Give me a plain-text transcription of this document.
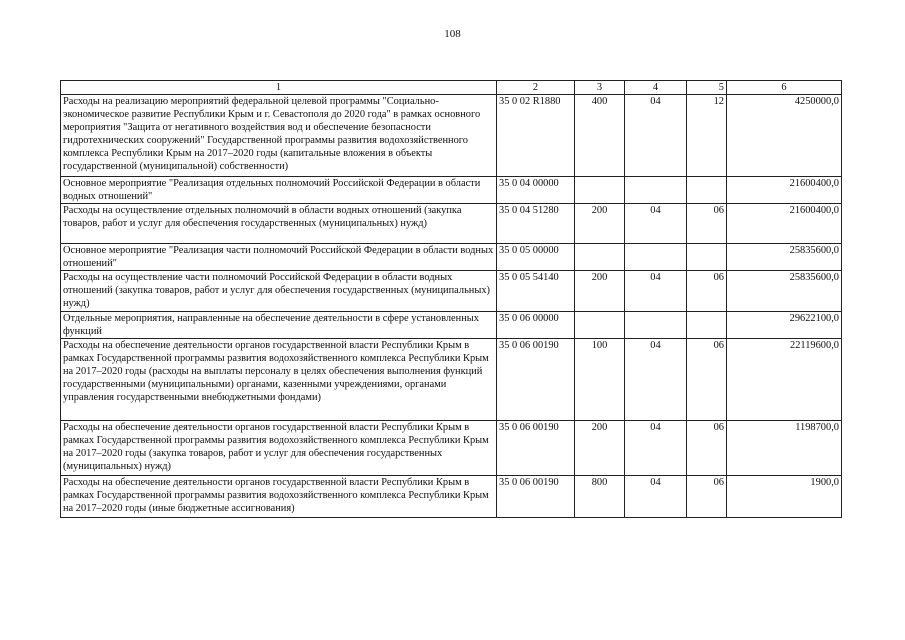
108
1	2	3	4	5	6	
Расходы на реализацию мероприятий федеральной целевой программы "Социально-экономическое развитие Республики Крым и г. Севастополя до 2020 года" в рамках основного мероприятия "Защита от негативного воздействия вод и обеспечение безопасности гидротехнических сооружений" Государственной программы развития водохозяйственного комплекса Республики Крым на 2017–2020 годы (капитальные вложения в объекты государственной (муниципальной) собственности)	35 0 02 R1880	400	04	12		4250000,0
Основное мероприятие "Реализация отдельных полномочий Российской Федерации в области водных отношений"	35 0 04 00000					21600400,0
Расходы на осуществление отдельных полномочий в области водных отношений (закупка товаров, работ и услуг для обеспечения государственных (муниципальных) нужд)	35 0 04 51280	200	04	06		21600400,0
Основное мероприятие "Реализация части полномочий Российской Федерации в области водных отношений"	35 0 05 00000					25835600,0
Расходы на осуществление части полномочий Российской Федерации в области водных отношений (закупка товаров, работ и услуг для обеспечения государственных (муниципальных) нужд)	35 0 05 54140	200	04	06		25835600,0
Отдельные мероприятия, направленные на обеспечение деятельности в сфере установленных функций	35 0 06 00000					29622100,0
Расходы на обеспечение деятельности органов государственной власти Республики Крым в рамках Государственной программы развития водохозяйственного комплекса Республики Крым на 2017–2020 годы (расходы на выплаты персоналу в целях обеспечения выполнения функций государственными (муниципальными) органами, казенными учреждениями, органами управления государственными внебюджетными фондами)	35 0 06 00190	100	04	06		22119600,0
Расходы на обеспечение деятельности органов государственной власти Республики Крым в рамках Государственной программы развития водохозяйственного комплекса Республики Крым на 2017–2020 годы (закупка товаров, работ и услуг для обеспечения государственных (муниципальных) нужд)	35 0 06 00190	200	04	06		1198700,0
Расходы на обеспечение деятельности органов государственной власти Республики Крым в рамках Государственной программы развития водохозяйственного комплекса Республики Крым на 2017–2020 годы (иные бюджетные ассигнования)	35 0 06 00190	800	04	06		1900,0
